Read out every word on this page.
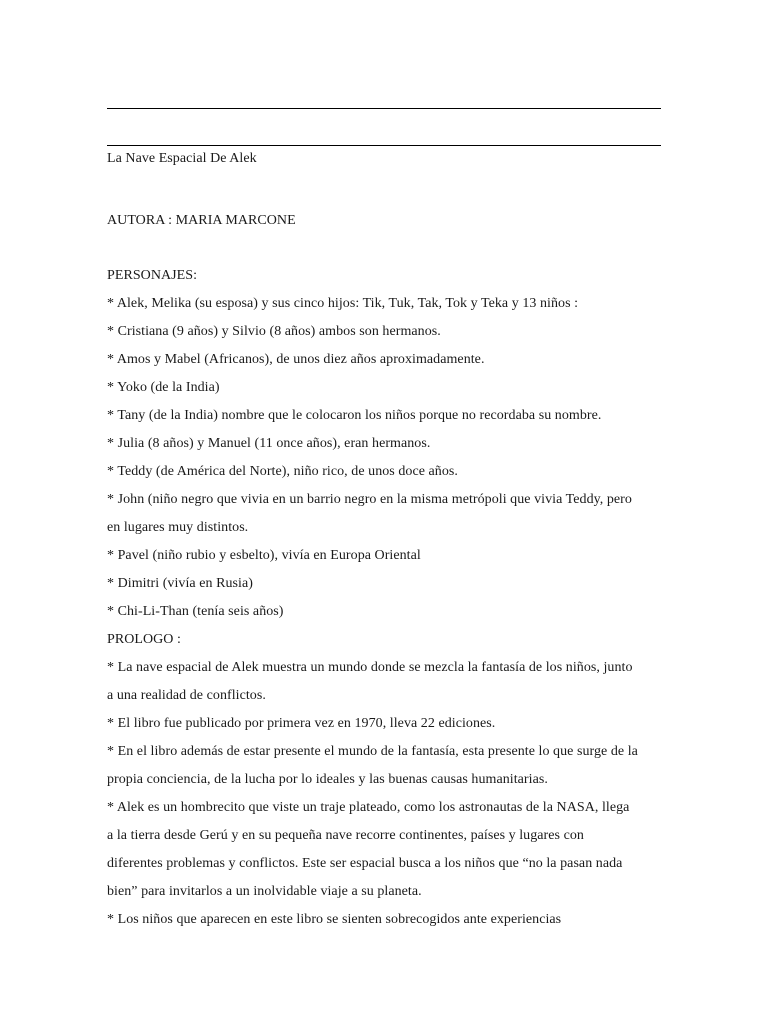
La Nave Espacial De Alek
AUTORA : MARIA MARCONE
PERSONAJES:
* Alek, Melika (su esposa) y sus cinco hijos: Tik, Tuk, Tak, Tok y Teka y 13 niños :
* Cristiana (9 años) y Silvio (8 años) ambos son hermanos.
* Amos y Mabel (Africanos), de unos diez años aproximadamente.
* Yoko (de la India)
* Tany (de la India) nombre que le colocaron los niños porque no recordaba su nombre.
* Julia (8 años) y Manuel (11 once años), eran hermanos.
* Teddy (de América del Norte), niño rico, de unos doce años.
* John (niño negro que vivia en un barrio negro en la misma metrópoli que vivia Teddy, pero
en lugares muy distintos.
* Pavel (niño rubio y esbelto), vivía en Europa Oriental
* Dimitri (vivía en Rusia)
* Chi-Li-Than (tenía seis años)
PROLOGO :
* La nave espacial de Alek muestra un mundo donde se mezcla la fantasía de los niños, junto
a una realidad de conflictos.
* El libro fue publicado por primera vez en 1970, lleva 22 ediciones.
* En el libro además de estar presente el mundo de la fantasía, esta presente lo que surge de la
propia conciencia, de la lucha por lo ideales y las buenas causas humanitarias.
* Alek es un hombrecito que viste un traje plateado, como los astronautas de la NASA, llega
a la tierra desde Gerú y en su pequeña nave recorre continentes, países y lugares con
diferentes problemas y conflictos. Este ser espacial busca a los niños que “no la pasan nada
bien” para invitarlos a un inolvidable viaje a su planeta.
* Los niños que aparecen en este libro se sienten sobrecogidos ante experiencias
